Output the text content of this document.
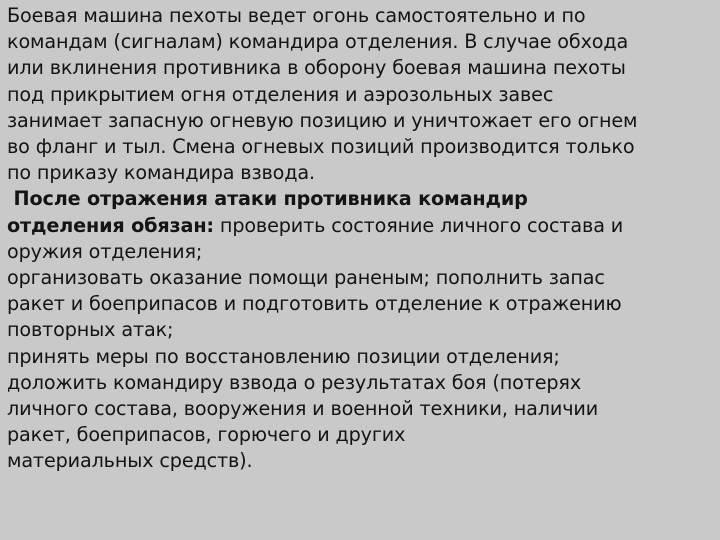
Боевая машина пехоты ведет огонь самостоятельно и по
командам (сигналам) командира отделения. В случае обхода
или вклинения противника в оборону боевая машина пехоты
под прикрытием огня отделения и аэрозольных завес
занимает запасную огневую позицию и уничтожает его огнем
во фланг и тыл. Смена огневых позиций производится только
по приказу командира взвода.
После отражения атаки противника командир
отделения обязан: проверить состояние личного состава и
оружия отделения;
организовать оказание помощи раненым; пополнить запас
ракет и боеприпасов и подготовить отделение к отражению
повторных атак;
принять меры по восстановлению позиции отделения;
доложить командиру взвода о результатах боя (потерях
личного состава, вооружения и военной техники, наличии
ракет, боеприпасов, горючего и других
материальных средств).
